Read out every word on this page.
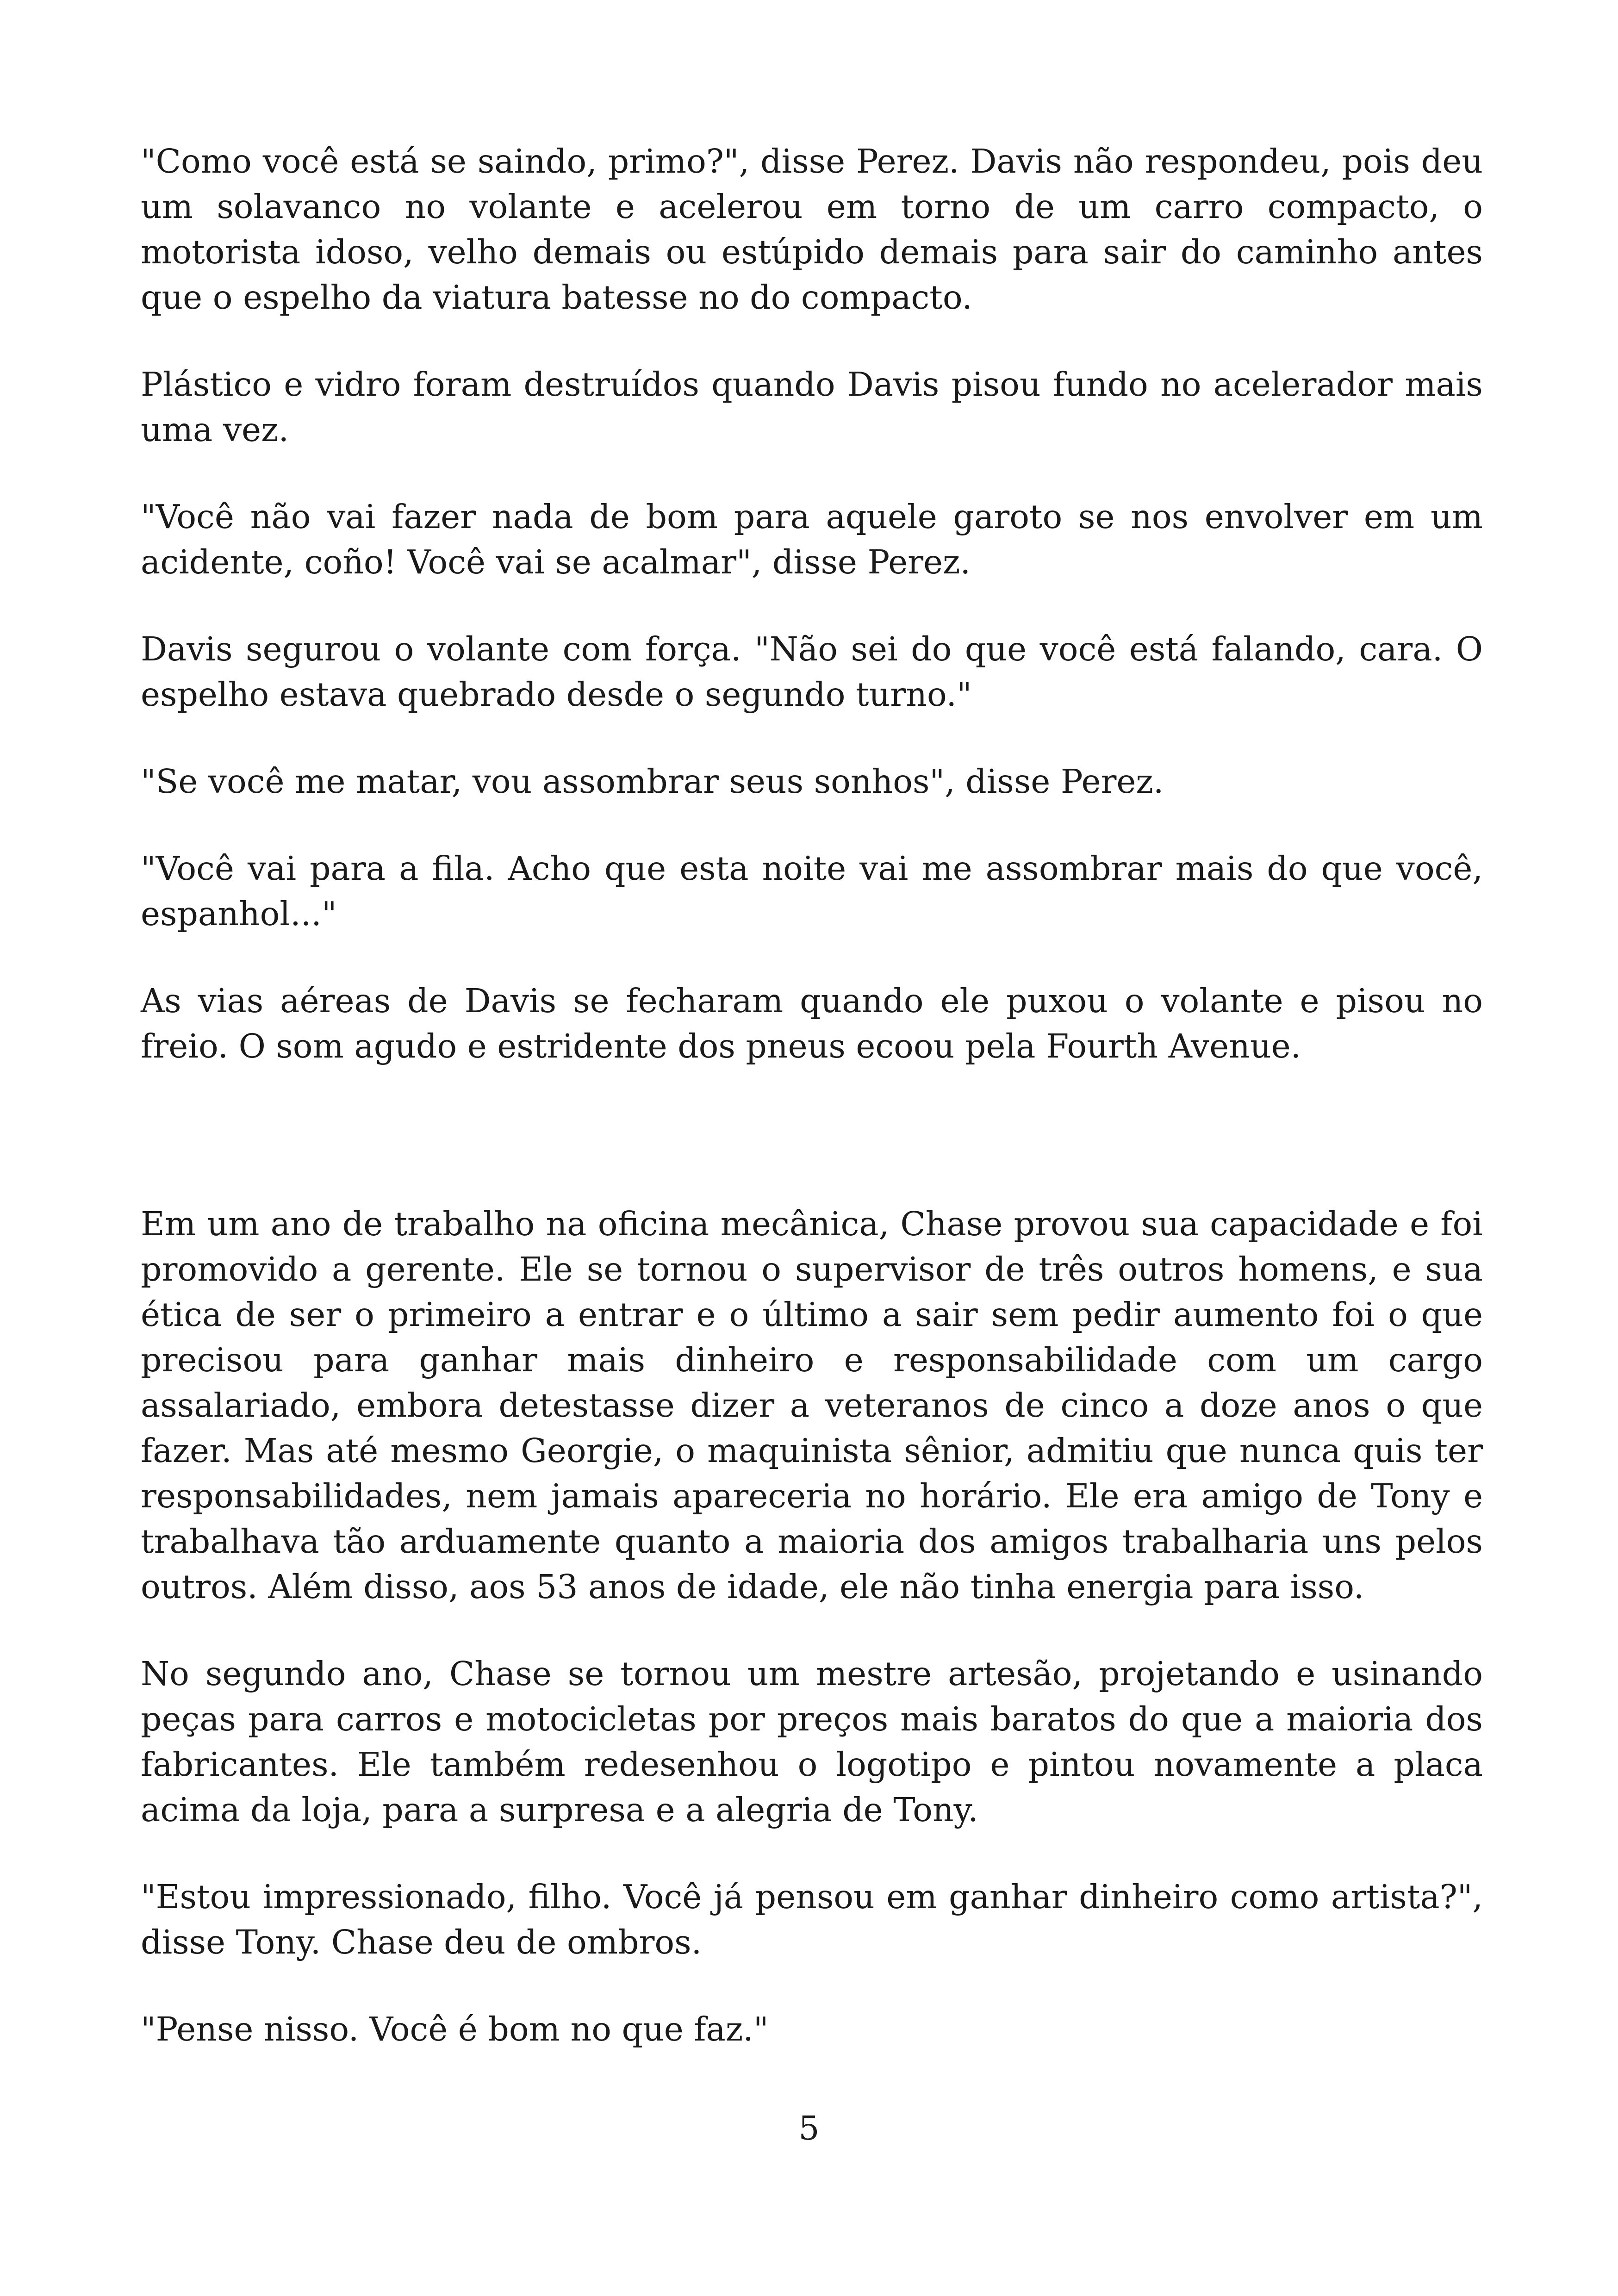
"Como você está se saindo, primo?", disse Perez. Davis não respondeu, pois deu um solavanco no volante e acelerou em torno de um carro compacto, o motorista idoso, velho demais ou estúpido demais para sair do caminho antes que o espelho da viatura batesse no do compacto.

Plástico e vidro foram destruídos quando Davis pisou fundo no acelerador mais uma vez.

"Você não vai fazer nada de bom para aquele garoto se nos envolver em um acidente, coño! Você vai se acalmar", disse Perez.

Davis segurou o volante com força. "Não sei do que você está falando, cara. O espelho estava quebrado desde o segundo turno."

"Se você me matar, vou assombrar seus sonhos", disse Perez.

"Você vai para a fila. Acho que esta noite vai me assombrar mais do que você, espanhol..."

As vias aéreas de Davis se fecharam quando ele puxou o volante e pisou no freio. O som agudo e estridente dos pneus ecoou pela Fourth Avenue.

Em um ano de trabalho na oficina mecânica, Chase provou sua capacidade e foi promovido a gerente. Ele se tornou o supervisor de três outros homens, e sua ética de ser o primeiro a entrar e o último a sair sem pedir aumento foi o que precisou para ganhar mais dinheiro e responsabilidade com um cargo assalariado, embora detestasse dizer a veteranos de cinco a doze anos o que fazer. Mas até mesmo Georgie, o maquinista sênior, admitiu que nunca quis ter responsabilidades, nem jamais apareceria no horário. Ele era amigo de Tony e trabalhava tão arduamente quanto a maioria dos amigos trabalharia uns pelos outros. Além disso, aos 53 anos de idade, ele não tinha energia para isso.

No segundo ano, Chase se tornou um mestre artesão, projetando e usinando peças para carros e motocicletas por preços mais baratos do que a maioria dos fabricantes. Ele também redesenhou o logotipo e pintou novamente a placa acima da loja, para a surpresa e a alegria de Tony.

"Estou impressionado, filho. Você já pensou em ganhar dinheiro como artista?", disse Tony. Chase deu de ombros.

"Pense nisso. Você é bom no que faz."

5
